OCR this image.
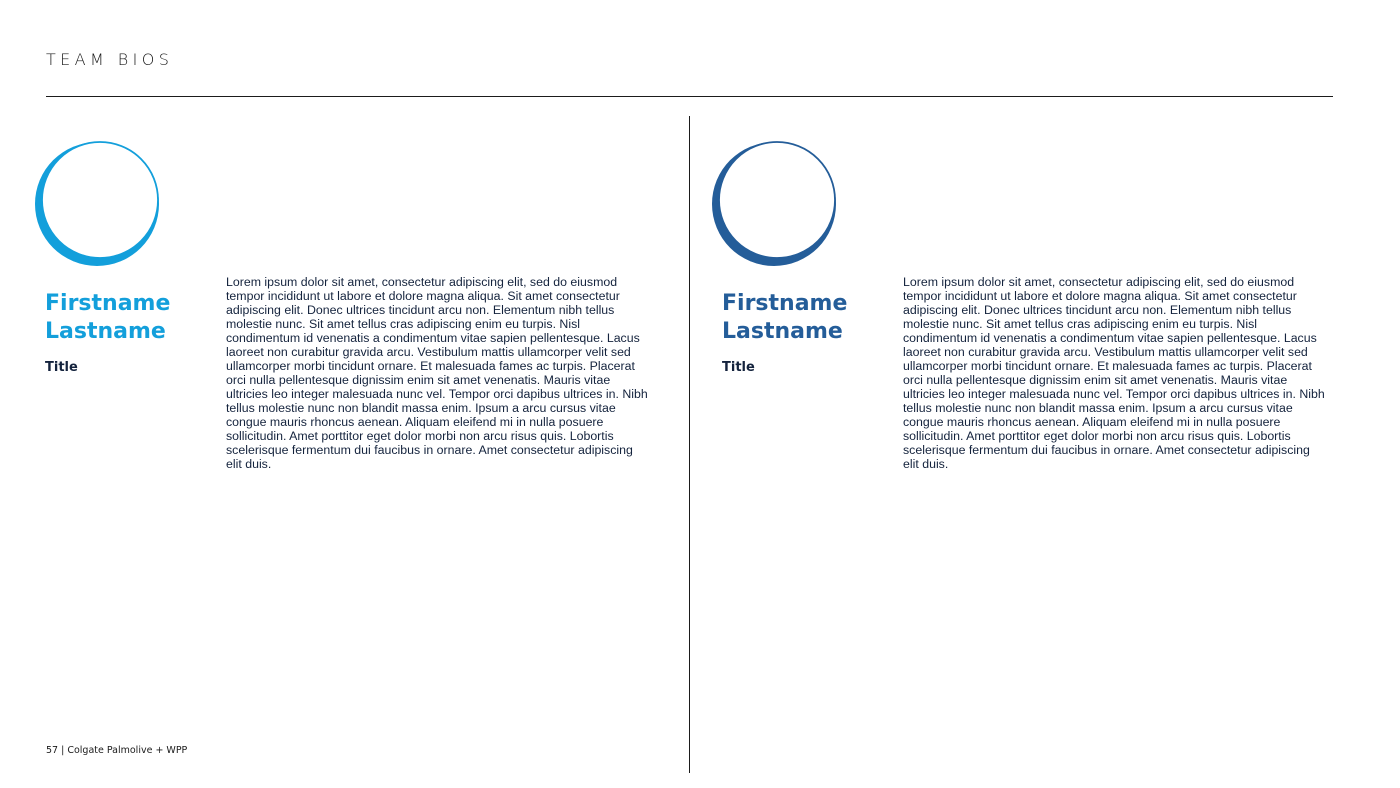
TEAM BIOS
Firstname
Lastname

Title

Lorem ipsum dolor sit amet, consectetur adipiscing elit, sed do eiusmod tempor incididunt ut labore et dolore magna aliqua. Sit amet consectetur adipiscing elit. Donec ultrices tincidunt arcu non. Elementum nibh tellus molestie nunc. Sit amet tellus cras adipiscing enim eu turpis. Nisl condimentum id venenatis a condimentum vitae sapien pellentesque. Lacus laoreet non curabitur gravida arcu. Vestibulum mattis ullamcorper velit sed ullamcorper morbi tincidunt ornare. Et malesuada fames ac turpis. Placerat orci nulla pellentesque dignissim enim sit amet venenatis. Mauris vitae ultricies leo integer malesuada nunc vel. Tempor orci dapibus ultrices in. Nibh tellus molestie nunc non blandit massa enim. Ipsum a arcu cursus vitae congue mauris rhoncus aenean. Aliquam eleifend mi in nulla posuere sollicitudin. Amet porttitor eget dolor morbi non arcu risus quis. Lobortis scelerisque fermentum dui faucibus in ornare. Amet consectetur adipiscing elit duis.

Firstname
Lastname

Title

Lorem ipsum dolor sit amet, consectetur adipiscing elit, sed do eiusmod tempor incididunt ut labore et dolore magna aliqua. Sit amet consectetur adipiscing elit. Donec ultrices tincidunt arcu non. Elementum nibh tellus molestie nunc. Sit amet tellus cras adipiscing enim eu turpis. Nisl condimentum id venenatis a condimentum vitae sapien pellentesque. Lacus laoreet non curabitur gravida arcu. Vestibulum mattis ullamcorper velit sed ullamcorper morbi tincidunt ornare. Et malesuada fames ac turpis. Placerat orci nulla pellentesque dignissim enim sit amet venenatis. Mauris vitae ultricies leo integer malesuada nunc vel. Tempor orci dapibus ultrices in. Nibh tellus molestie nunc non blandit massa enim. Ipsum a arcu cursus vitae congue mauris rhoncus aenean. Aliquam eleifend mi in nulla posuere sollicitudin. Amet porttitor eget dolor morbi non arcu risus quis. Lobortis scelerisque fermentum dui faucibus in ornare. Amet consectetur adipiscing elit duis.

57 | Colgate Palmolive + WPP
